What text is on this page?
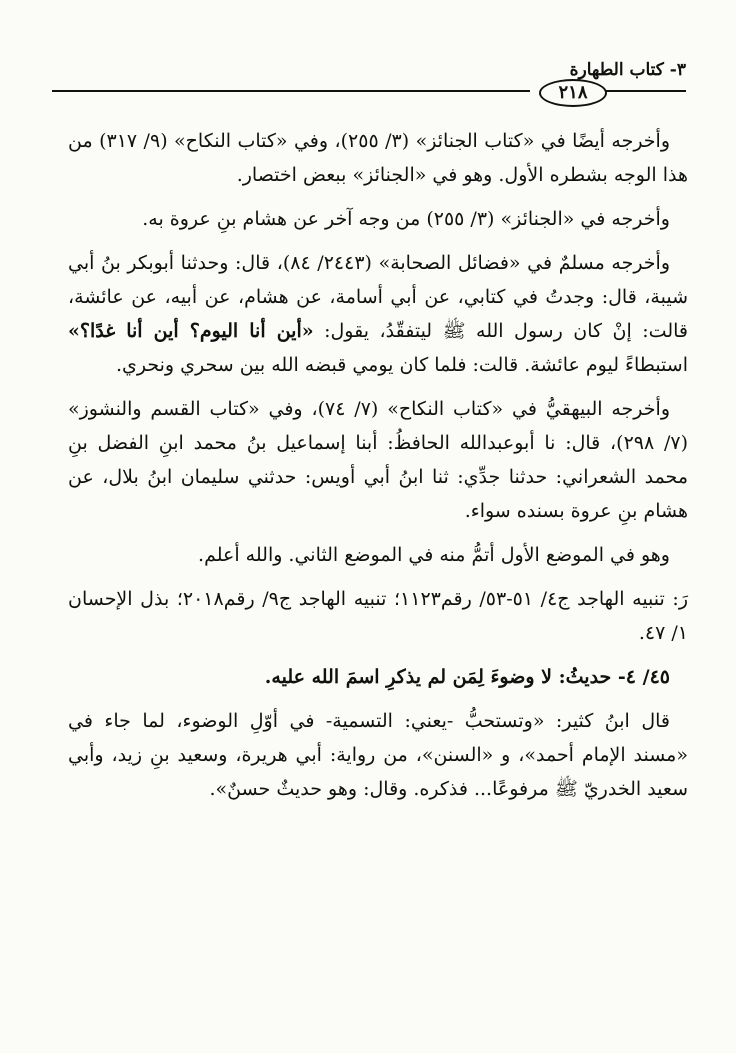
٢١٨
٣- كتاب الطهارة

وأخرجه أيضًا في «كتاب الجنائز» (٣/ ٢٥٥)، وفي «كتاب النكاح» (٩/ ٣١٧) من هذا الوجه بشطره الأول. وهو في «الجنائز» ببعض اختصار.

وأخرجه في «الجنائز» (٣/ ٢٥٥) من وجه آخر عن هشام بنِ عروة به.

وأخرجه مسلمٌ في «فضائل الصحابة» (٢٤٤٣/ ٨٤)، قال: وحدثنا أبوبكر بنُ أبي شيبة، قال: وجدتُ في كتابي، عن أبي أسامة، عن هشام، عن أبيه، عن عائشة، قالت: إنْ كان رسول الله ﷺ ليتفقّدُ، يقول: «أين أنا اليوم؟ أين أنا غدًا؟» استبطاءً ليوم عائشة. قالت: فلما كان يومي قبضه الله بين سحري ونحري.

وأخرجه البيهقيُّ في «كتاب النكاح» (٧/ ٧٤)، وفي «كتاب القسم والنشوز» (٧/ ٢٩٨)، قال: نا أبوعبدالله الحافظُ: أبنا إسماعيل بنُ محمد ابنِ الفضل بنِ محمد الشعراني: حدثنا جدِّي: ثنا ابنُ أبي أويس: حدثني سليمان ابنُ بلال، عن هشام بنِ عروة بسنده سواء.

وهو في الموضع الأول أتمُّ منه في الموضع الثاني. والله أعلم.

رَ: تنبيه الهاجد ج٤/ ٥١-٥٣/ رقم١١٢٣؛ تنبيه الهاجد ج٩/ رقم٢٠١٨؛ بذل الإحسان ١/ ٤٧.

٤٥/ ٤- حديثُ: لا وضوءَ لِمَن لم يذكرِ اسمَ الله عليه.

قال ابنُ كثير: «وتستحبُّ -يعني: التسمية- في أوّلِ الوضوء، لما جاء في «مسند الإمام أحمد»، و «السنن»، من رواية: أبي هريرة، وسعيد بنِ زيد، وأبي سعيد الخدريّ ﷺ مرفوعًا... فذكره. وقال: وهو حديثٌ حسنٌ».
